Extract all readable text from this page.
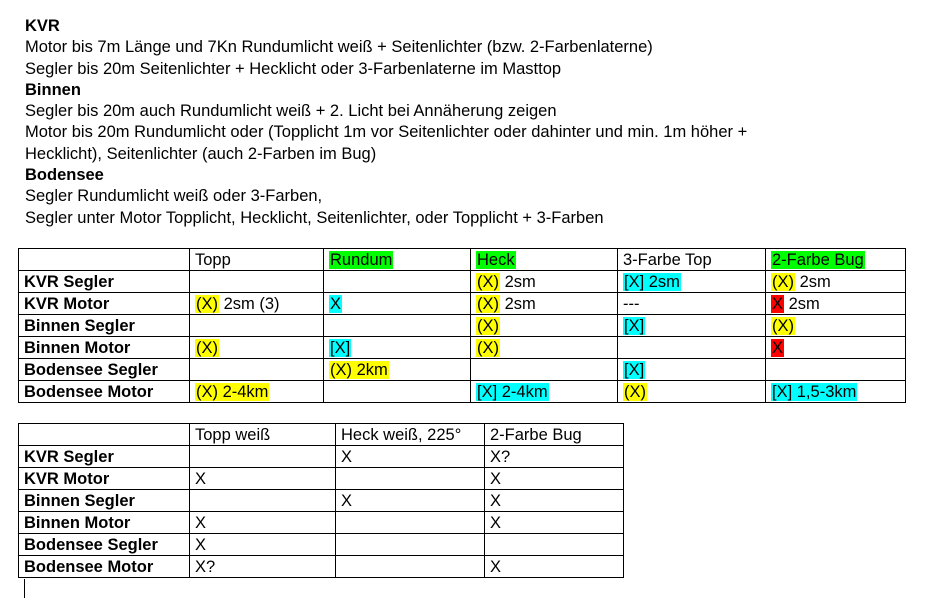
KVR
Motor bis 7m Länge und 7Kn Rundumlicht weiß + Seitenlichter (bzw. 2-Farbenlaterne)
Segler bis 20m Seitenlichter + Hecklicht oder 3-Farbenlaterne im Masttop
Binnen
Segler bis 20m auch Rundumlicht weiß + 2. Licht bei Annäherung zeigen
Motor bis 20m Rundumlicht oder (Topplicht 1m vor Seitenlichter oder dahinter und min. 1m höher +
Hecklicht), Seitenlichter (auch 2-Farben im Bug)
Bodensee
Segler Rundumlicht weiß oder 3-Farben,
Segler unter Motor Topplicht, Hecklicht, Seitenlichter, oder Topplicht + 3-Farben
	Topp	Rundum	Heck	3-Farbe Top	2-Farbe Bug
KVR Segler			(X) 2sm	[X] 2sm	(X) 2sm
KVR Motor	(X) 2sm (3)	X	(X) 2sm	---	X 2sm
Binnen Segler			(X)	[X]	(X)
Binnen Motor	(X)	[X]	(X)		X
Bodensee Segler		(X) 2km		[X]	
Bodensee Motor	(X) 2-4km		[X] 2-4km	(X)	[X] 1,5-3km
	Topp weiß	Heck weiß, 225°	2-Farbe Bug
KVR Segler		X	X?
KVR Motor	X		X
Binnen Segler		X	X
Binnen Motor	X		X
Bodensee Segler	X		
Bodensee Motor	X?		X
